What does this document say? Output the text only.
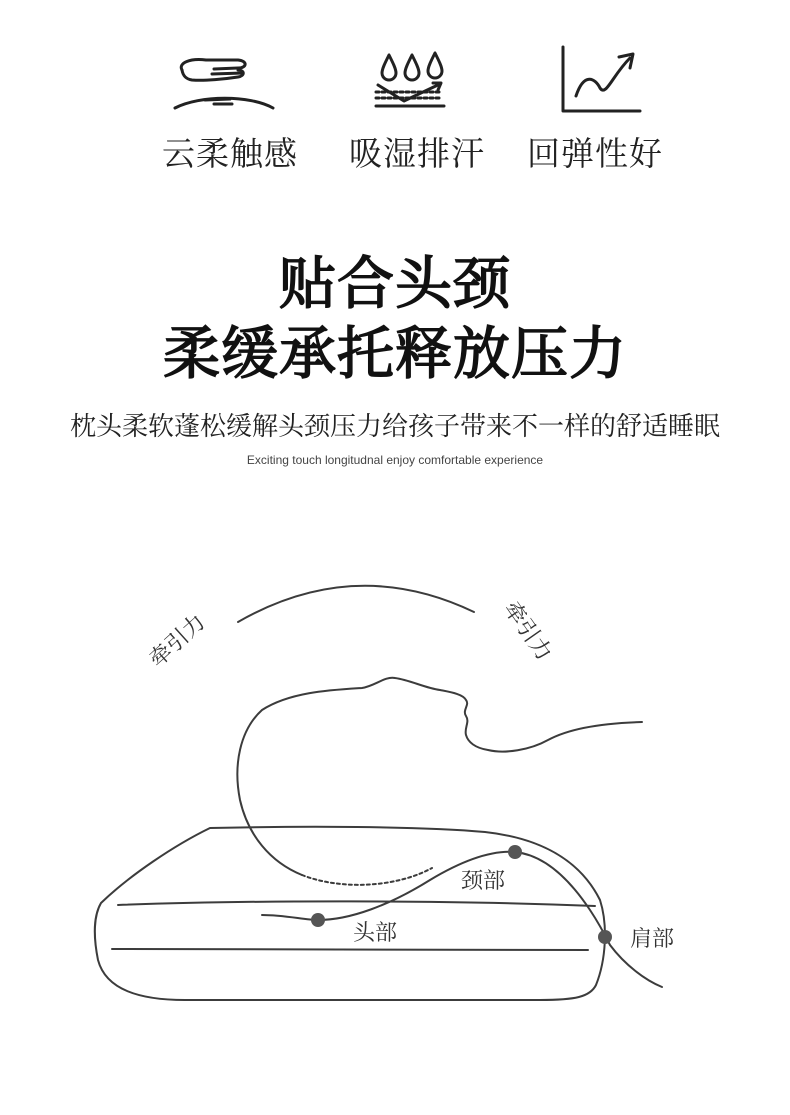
云柔触感 吸湿排汗 回弹性好
贴合头颈
柔缓承托释放压力
枕头柔软蓬松缓解头颈压力给孩子带来不一样的舒适睡眠
Exciting touch longitudnal enjoy comfortable experience
牵引力	牵引力
颈部
头部	肩部
